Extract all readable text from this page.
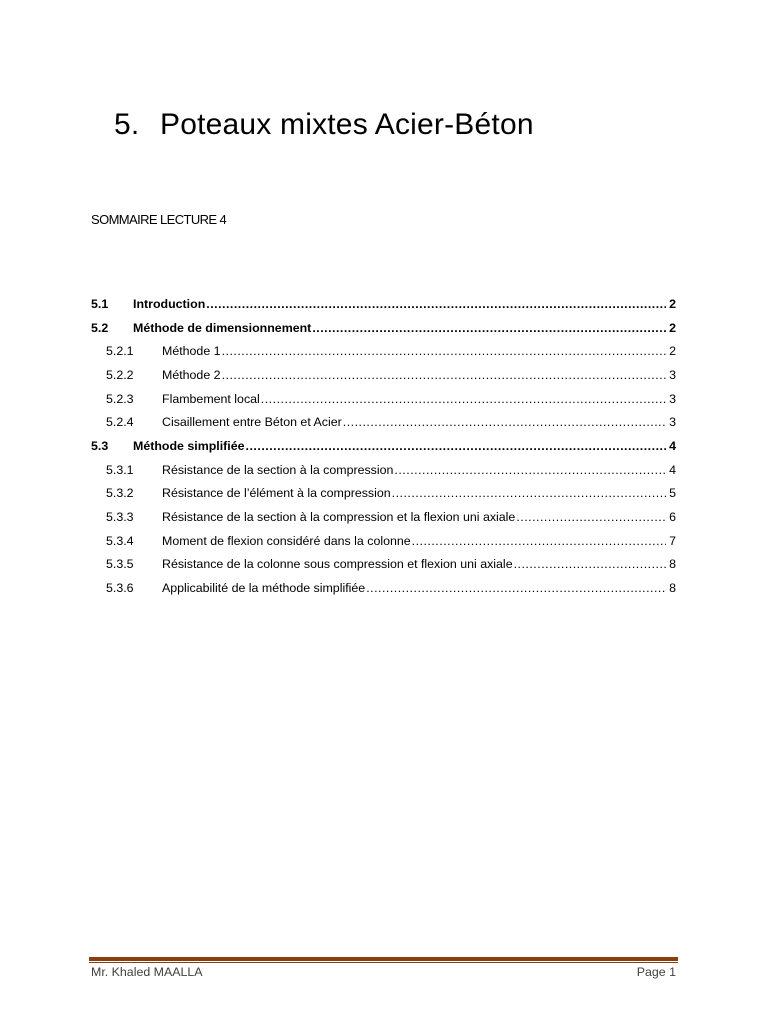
5. Poteaux mixtes Acier-Béton
SOMMAIRE LECTURE 4
5.1	Introduction .....	2
5.2	Méthode de dimensionnement .....	2
5.2.1	Méthode 1 .....	2
5.2.2	Méthode 2 .....	3
5.2.3	Flambement local .....	3
5.2.4	Cisaillement entre Béton et Acier .....	3
5.3	Méthode simplifiée .....	4
5.3.1	Résistance de la section à la compression .....	4
5.3.2	Résistance de l’élément à la compression .....	5
5.3.3	Résistance de la section à la compression et la flexion uni axiale .....	6
5.3.4	Moment de flexion considéré dans la colonne .....	7
5.3.5	Résistance de la colonne sous compression et flexion uni axiale .....	8
5.3.6	Applicabilité de la méthode simplifiée .....	8
Mr. Khaled MAALLA	Page 1
